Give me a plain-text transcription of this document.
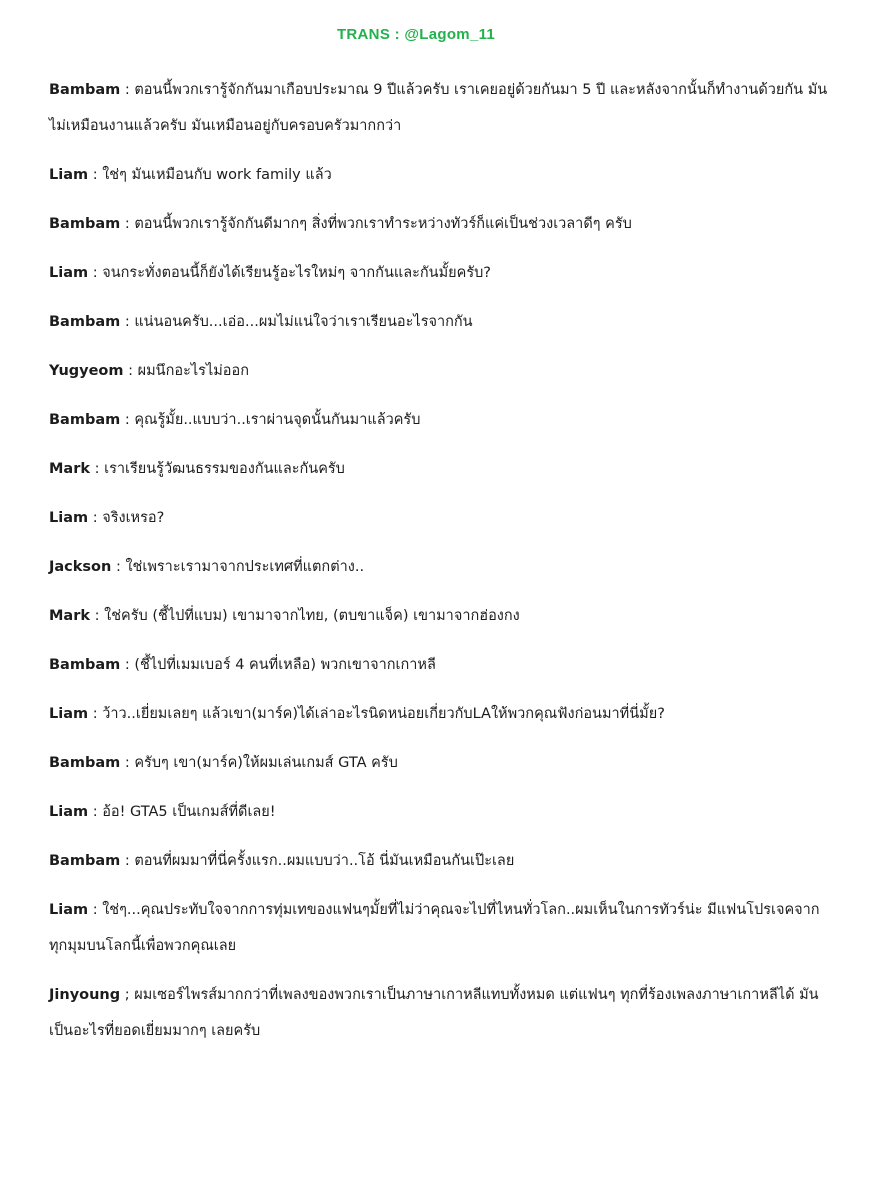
TRANS : @Lagom_11

Bambam : ตอนนี้พวกเรารู้จักกันมาเกือบประมาณ 9 ปีแล้วครับ เราเคยอยู่ด้วยกันมา 5 ปี และหลังจากนั้นก็ทำงานด้วยกัน มันไม่เหมือนงานแล้วครับ มันเหมือนอยู่กับครอบครัวมากกว่า

Liam : ใช่ๆ มันเหมือนกับ work family แล้ว

Bambam : ตอนนี้พวกเรารู้จักกันดีมากๆ สิ่งที่พวกเราทำระหว่างทัวร์ก็แค่เป็นช่วงเวลาดีๆ ครับ

Liam : จนกระทั่งตอนนี้ก็ยังได้เรียนรู้อะไรใหม่ๆ จากกันและกันมั้ยครับ?

Bambam : แน่นอนครับ...เอ่อ...ผมไม่แน่ใจว่าเราเรียนอะไรจากกัน

Yugyeom : ผมนึกอะไรไม่ออก

Bambam : คุณรู้มั้ย..แบบว่า..เราผ่านจุดนั้นกันมาแล้วครับ

Mark : เราเรียนรู้วัฒนธรรมของกันและกันครับ

Liam : จริงเหรอ?

Jackson : ใช่เพราะเรามาจากประเทศที่แตกต่าง..

Mark : ใช่ครับ (ชี้ไปที่แบม) เขามาจากไทย, (ตบขาแจ็ค) เขามาจากฮ่องกง

Bambam : (ชี้ไปที่เมมเบอร์ 4 คนที่เหลือ) พวกเขาจากเกาหลี

Liam : ว้าว..เยี่ยมเลยๆ แล้วเขา(มาร์ค)ได้เล่าอะไรนิดหน่อยเกี่ยวกับLAให้พวกคุณฟังก่อนมาที่นี่มั้ย?

Bambam : ครับๆ เขา(มาร์ค)ให้ผมเล่นเกมส์ GTA ครับ

Liam : อ้อ! GTA5 เป็นเกมส์ที่ดีเลย!

Bambam : ตอนที่ผมมาที่นี่ครั้งแรก..ผมแบบว่า..โอ้ นี่มันเหมือนกันเป๊ะเลย

Liam : ใช่ๆ...คุณประทับใจจากการทุ่มเทของแฟนๆมั้ยที่ไม่ว่าคุณจะไปที่ไหนทั่วโลก..ผมเห็นในการทัวร์น่ะ มีแฟนโปรเจคจากทุกมุมบนโลกนี้เพื่อพวกคุณเลย

Jinyoung ; ผมเซอร์ไพรส์มากกว่าที่เพลงของพวกเราเป็นภาษาเกาหลีแทบทั้งหมด แต่แฟนๆ ทุกที่ร้องเพลงภาษาเกาหลีได้ มันเป็นอะไรที่ยอดเยี่ยมมากๆ เลยครับ
